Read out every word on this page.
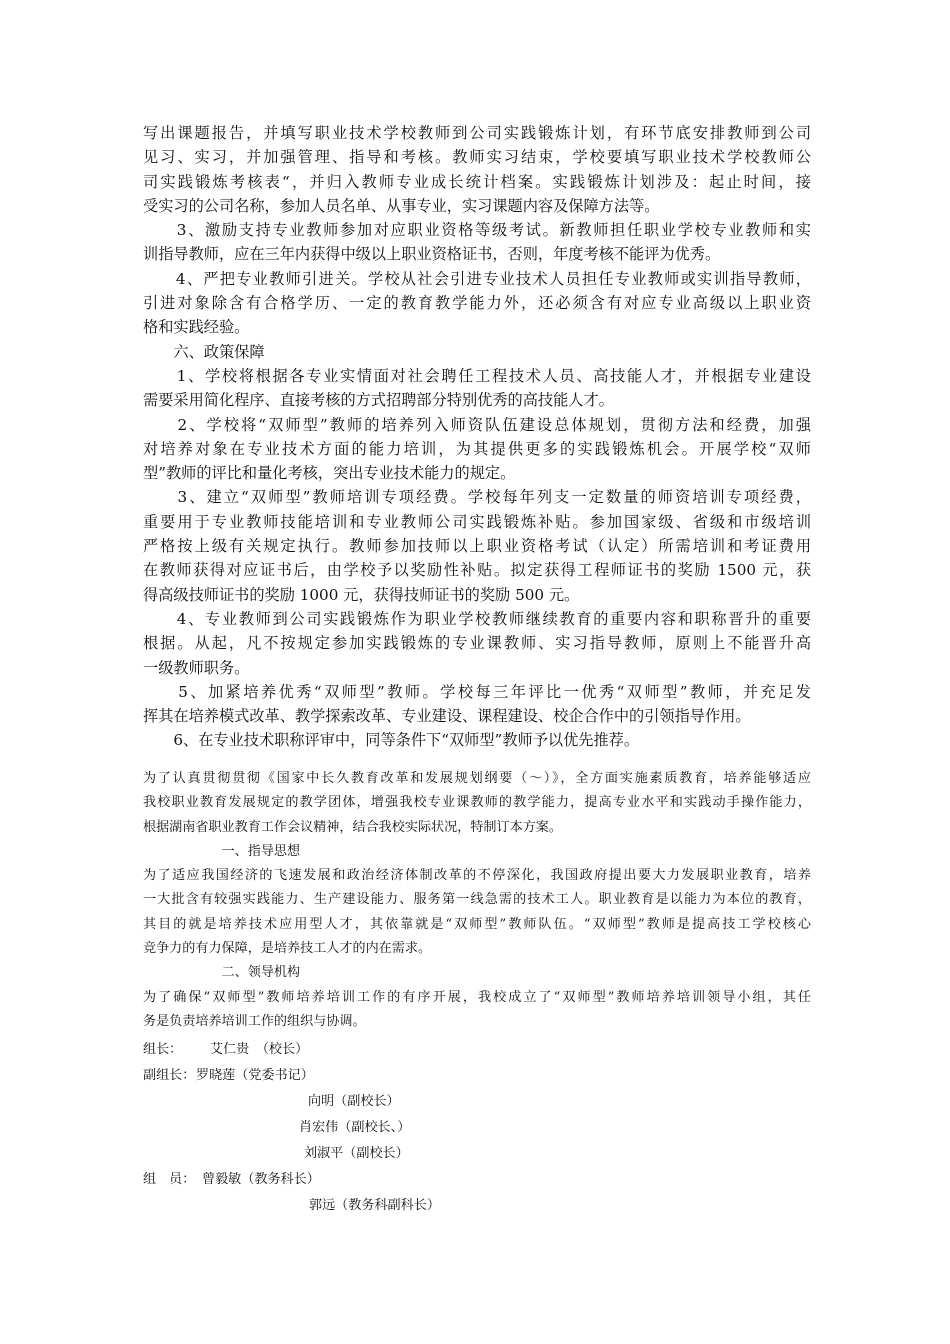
写出课题报告，并填写职业技术学校教师到公司实践锻炼计划，有环节底安排教师到公司
见习、实习，并加强管理、指导和考核。教师实习结束，学校要填写职业技术学校教师公
司实践锻炼考核表“，并归入教师专业成长统计档案。实践锻炼计划涉及：起止时间，接
受实习的公司名称，参加人员名单、从事专业，实习课题内容及保障方法等。
　　3、激励支持专业教师参加对应职业资格等级考试。新教师担任职业学校专业教师和实
训指导教师，应在三年内获得中级以上职业资格证书，否则，年度考核不能评为优秀。
　　4、严把专业教师引进关。学校从社会引进专业技术人员担任专业教师或实训指导教师，
引进对象除含有合格学历、一定的教育教学能力外，还必须含有对应专业高级以上职业资
格和实践经验。
　　六、政策保障
　　1、学校将根据各专业实情面对社会聘任工程技术人员、高技能人才，并根据专业建设
需要采用简化程序、直接考核的方式招聘部分特别优秀的高技能人才。
　　2、学校将“双师型”教师的培养列入师资队伍建设总体规划，贯彻方法和经费，加强
对培养对象在专业技术方面的能力培训，为其提供更多的实践锻炼机会。开展学校“双师
型”教师的评比和量化考核，突出专业技术能力的规定。
　　3、建立“双师型”教师培训专项经费。学校每年列支一定数量的师资培训专项经费，
重要用于专业教师技能培训和专业教师公司实践锻炼补贴。参加国家级、省级和市级培训
严格按上级有关规定执行。教师参加技师以上职业资格考试（认定）所需培训和考证费用
在教师获得对应证书后，由学校予以奖励性补贴。拟定获得工程师证书的奖励 1500 元，获
得高级技师证书的奖励 1000 元，获得技师证书的奖励 500 元。
　　4、专业教师到公司实践锻炼作为职业学校教师继续教育的重要内容和职称晋升的重要
根据。从起，凡不按规定参加实践锻炼的专业课教师、实习指导教师，原则上不能晋升高
一级教师职务。
　　5、加紧培养优秀“双师型”教师。学校每三年评比一优秀“双师型”教师，并充足发
挥其在培养模式改革、教学探索改革、专业建设、课程建设、校企合作中的引领指导作用。
　　6、在专业技术职称评审中，同等条件下“双师型”教师予以优先推荐。
为了认真贯彻贯彻《国家中长久教育改革和发展规划纲要（～）》，全方面实施素质教育，培养能够适应
我校职业教育发展规定的教学团体，增强我校专业课教师的教学能力，提高专业水平和实践动手操作能力，
根据湖南省职业教育工作会议精神，结合我校实际状况，特制订本方案。
　　　　　　一、指导思想
为了适应我国经济的飞速发展和政治经济体制改革的不停深化，我国政府提出要大力发展职业教育，培养
一大批含有较强实践能力、生产建设能力、服务第一线急需的技术工人。职业教育是以能力为本位的教育，
其目的就是培养技术应用型人才，其依靠就是“双师型”教师队伍。“双师型”教师是提高技工学校核心
竞争力的有力保障，是培养技工人才的内在需求。
　　　　　　二、领导机构
为了确保“双师型”教师培养培训工作的有序开展，我校成立了“双师型”教师培养培训领导小组，其任
务是负责培养培训工作的组织与协调。
组长： 艾仁贵　（校长）
副组长： 罗晓莲（党委书记）
向明（副校长）
肖宏伟（副校长、）
刘淑平（副校长）
组　员： 曾毅敏（教务科长）
郭远（教务科副科长）
